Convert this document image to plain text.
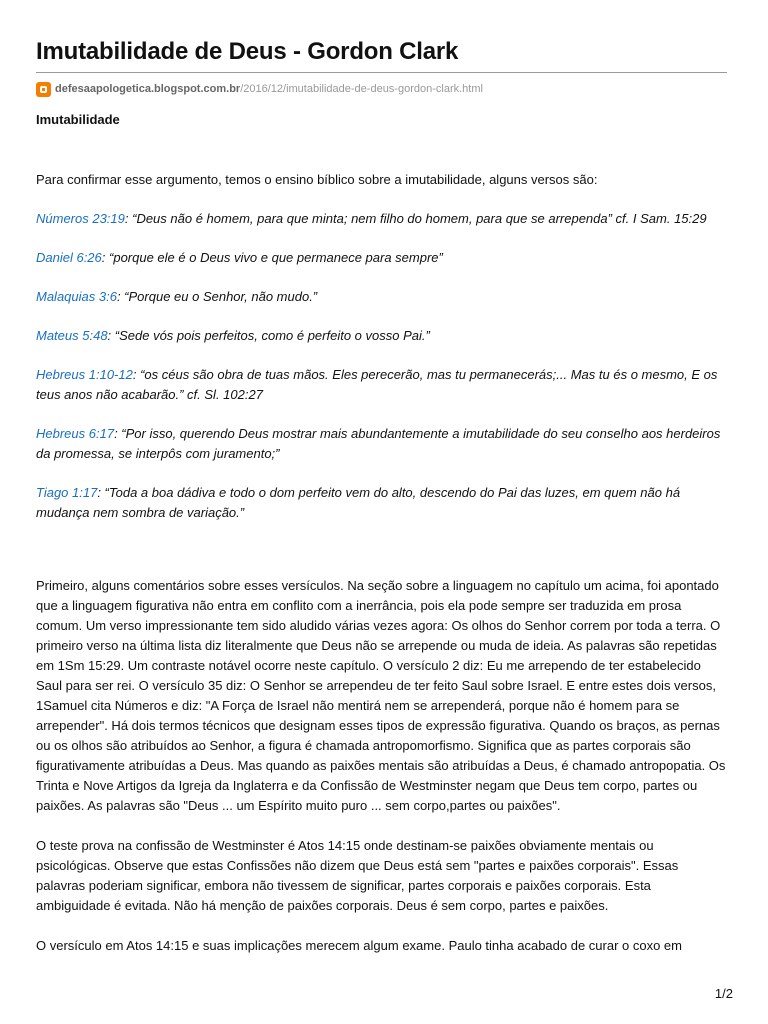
Imutabilidade de Deus - Gordon Clark
defesaapologetica.blogspot.com.br /2016/12/imutabilidade-de-deus-gordon-clark.html
Imutabilidade

Para confirmar esse argumento, temos o ensino bíblico sobre a imutabilidade, alguns versos são:

Números 23:19: “Deus não é homem, para que minta; nem filho do homem, para que se arrependa” cf. I Sam. 15:29

Daniel 6:26: “porque ele é o Deus vivo e que permanece para sempre”

Malaquias 3:6: “Porque eu o Senhor, não mudo.”

Mateus 5:48: “Sede vós pois perfeitos, como é perfeito o vosso Pai.”

Hebreus 1:10-12: “os céus são obra de tuas mãos. Eles perecerão, mas tu permanecerás;... Mas tu és o mesmo, E os teus anos não acabarão.” cf. Sl. 102:27

Hebreus 6:17: “Por isso, querendo Deus mostrar mais abundantemente a imutabilidade do seu conselho aos herdeiros da promessa, se interpôs com juramento;”

Tiago 1:17: “Toda a boa dádiva e todo o dom perfeito vem do alto, descendo do Pai das luzes, em quem não há mudança nem sombra de variação.”

Primeiro, alguns comentários sobre esses versículos. Na seção sobre a linguagem no capítulo um acima, foi apontado que a linguagem figurativa não entra em conflito com a inerrância, pois ela pode sempre ser traduzida em prosa comum. Um verso impressionante tem sido aludido várias vezes agora: Os olhos do Senhor correm por toda a terra. O primeiro verso na última lista diz literalmente que Deus não se arrepende ou muda de ideia. As palavras são repetidas em 1Sm 15:29. Um contraste notável ocorre neste capítulo. O versículo 2 diz: Eu me arrependo de ter estabelecido Saul para ser rei. O versículo 35 diz: O Senhor se arrependeu de ter feito Saul sobre Israel. E entre estes dois versos, 1Samuel cita Números e diz: "A Força de Israel não mentirá nem se arrependerá, porque não é homem para se arrepender". Há dois termos técnicos que designam esses tipos de expressão figurativa. Quando os braços, as pernas ou os olhos são atribuídos ao Senhor, a figura é chamada antropomorfismo. Significa que as partes corporais são figurativamente atribuídas a Deus. Mas quando as paixões mentais são atribuídas a Deus, é chamado antropopatia. Os Trinta e Nove Artigos da Igreja da Inglaterra e da Confissão de Westminster negam que Deus tem corpo, partes ou paixões. As palavras são "Deus ... um Espírito muito puro ... sem corpo,partes ou paixões".

O teste prova na confissão de Westminster é Atos 14:15 onde destinam-se paixões obviamente mentais ou psicológicas. Observe que estas Confissões não dizem que Deus está sem "partes e paixões corporais". Essas palavras poderiam significar, embora não tivessem de significar, partes corporais e paixões corporais. Esta ambiguidade é evitada. Não há menção de paixões corporais. Deus é sem corpo, partes e paixões.

O versículo em Atos 14:15 e suas implicações merecem algum exame. Paulo tinha acabado de curar o coxo em

1/2
